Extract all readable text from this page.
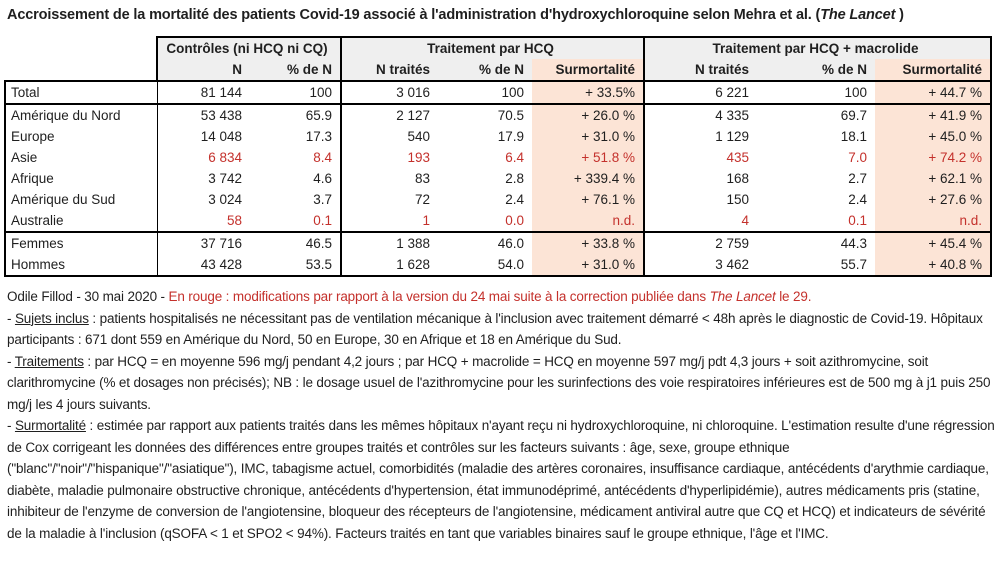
Accroissement de la mortalité des patients Covid-19 associé à l'administration d'hydroxychloroquine selon Mehra et al. (The Lancet )
	Contrôles (ni HCQ ni CQ)		Traitement par HCQ			Traitement par HCQ + macrolide		
	N	% de N	N traités	% de N	Surmortalité	N traités	% de N	Surmortalité
Total	81 144	100	3 016	100	+ 33.5%	6 221	100	+ 44.7 %
Amérique du Nord	53 438	65.9	2 127	70.5	+ 26.0 %	4 335	69.7	+ 41.9 %
Europe	14 048	17.3	540	17.9	+ 31.0 %	1 129	18.1	+ 45.0 %
Asie	6 834	8.4	193	6.4	+ 51.8 %	435	7.0	+ 74.2 %
Afrique	3 742	4.6	83	2.8	+ 339.4 %	168	2.7	+ 62.1 %
Amérique du Sud	3 024	3.7	72	2.4	+ 76.1 %	150	2.4	+ 27.6 %
Australie	58	0.1	1	0.0	n.d.	4	0.1	n.d.
Femmes	37 716	46.5	1 388	46.0	+ 33.8 %	2 759	44.3	+ 45.4 %
Hommes	43 428	53.5	1 628	54.0	+ 31.0 %	3 462	55.7	+ 40.8 %

Odile Fillod - 30 mai 2020 - En rouge : modifications par rapport à la version du 24 mai suite à la correction publiée dans The Lancet le 29.

- Sujets inclus : patients hospitalisés ne nécessitant pas de ventilation mécanique à l'inclusion avec traitement démarré < 48h après le diagnostic de Covid-19. Hôpitaux participants : 671 dont 559 en Amérique du Nord, 50 en Europe, 30 en Afrique et 18 en Amérique du Sud.

- Traitements : par HCQ = en moyenne 596 mg/j pendant 4,2 jours ; par HCQ + macrolide = HCQ en moyenne 597 mg/j pdt 4,3 jours + soit azithromycine, soit clarithromycine (% et dosages non précisés); NB : le dosage usuel de l'azithromycine pour les surinfections des voie respiratoires inférieures est de 500 mg à j1 puis 250 mg/j les 4 jours suivants.

- Surmortalité : estimée par rapport aux patients traités dans les mêmes hôpitaux n'ayant reçu ni hydroxychloroquine, ni chloroquine. L'estimation resulte d'une régression de Cox corrigeant les données des différences entre groupes traités et contrôles sur les facteurs suivants : âge, sexe, groupe ethnique ("blanc"/"noir"/"hispanique"/"asiatique"), IMC, tabagisme actuel, comorbidités (maladie des artères coronaires, insuffisance cardiaque, antécédents d'arythmie cardiaque, diabète, maladie pulmonaire obstructive chronique, antécédents d'hypertension, état immunodéprimé, antécédents d'hyperlipidémie), autres médicaments pris (statine, inhibiteur de l'enzyme de conversion de l'angiotensine, bloqueur des récepteurs de l'angiotensine, médicament antiviral autre que CQ et HCQ) et indicateurs de sévérité de la maladie à l'inclusion (qSOFA < 1 et SPO2 < 94%). Facteurs traités en tant que variables binaires sauf le groupe ethnique, l'âge et l'IMC.
